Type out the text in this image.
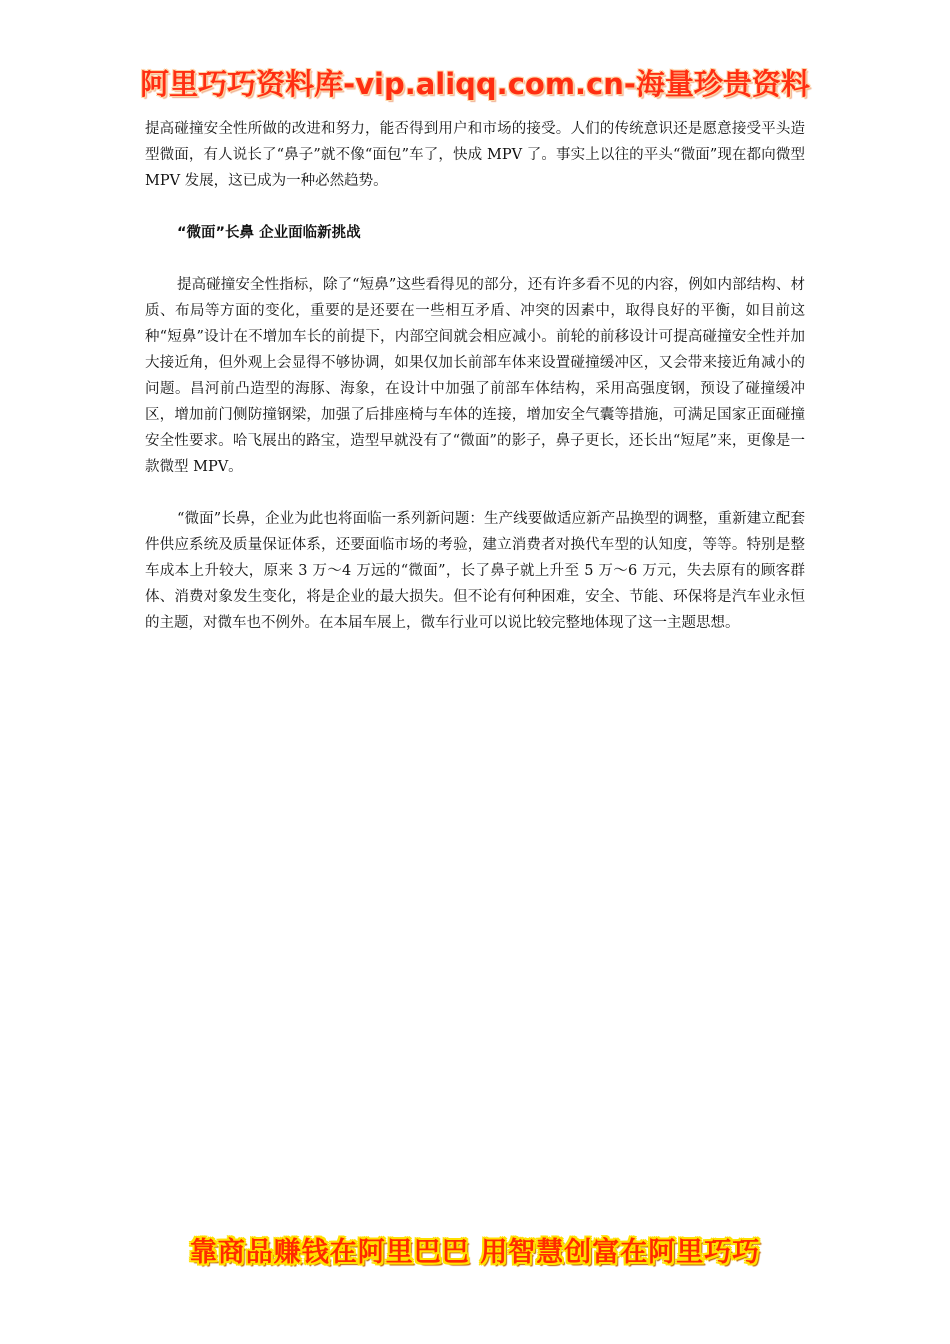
阿里巧巧资料库-vip.aliqq.com.cn-海量珍贵资料

提高碰撞安全性所做的改进和努力，能否得到用户和市场的接受。人们的传统意识还是愿意接受平头造型微面，有人说长了“鼻子”就不像“面包”车了，快成 MPV 了。事实上以往的平头“微面”现在都向微型 MPV 发展，这已成为一种必然趋势。

“微面”长鼻 企业面临新挑战

提高碰撞安全性指标，除了“短鼻”这些看得见的部分，还有许多看不见的内容，例如内部结构、材质、布局等方面的变化，重要的是还要在一些相互矛盾、冲突的因素中，取得良好的平衡，如目前这种“短鼻”设计在不增加车长的前提下，内部空间就会相应减小。前轮的前移设计可提高碰撞安全性并加大接近角，但外观上会显得不够协调，如果仅加长前部车体来设置碰撞缓冲区，又会带来接近角减小的问题。昌河前凸造型的海豚、海象，在设计中加强了前部车体结构，采用高强度钢，预设了碰撞缓冲区，增加前门侧防撞钢梁，加强了后排座椅与车体的连接，增加安全气囊等措施，可满足国家正面碰撞安全性要求。哈飞展出的路宝，造型早就没有了“微面”的影子，鼻子更长，还长出“短尾”来，更像是一款微型 MPV。

“微面”长鼻，企业为此也将面临一系列新问题：生产线要做适应新产品换型的调整，重新建立配套件供应系统及质量保证体系，还要面临市场的考验，建立消费者对换代车型的认知度，等等。特别是整车成本上升较大，原来 3 万～4 万远的“微面”，长了鼻子就上升至 5 万～6 万元，失去原有的顾客群体、消费对象发生变化，将是企业的最大损失。但不论有何种困难，安全、节能、环保将是汽车业永恒的主题，对微车也不例外。在本届车展上，微车行业可以说比较完整地体现了这一主题思想。

靠商品赚钱在阿里巴巴 用智慧创富在阿里巧巧
